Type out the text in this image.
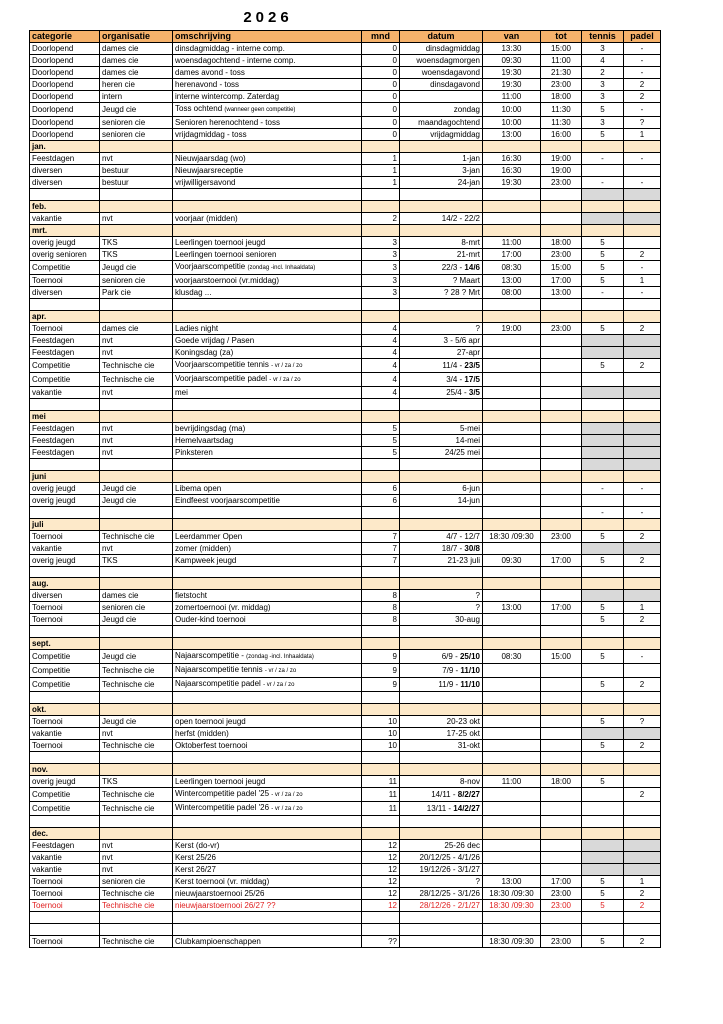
2026
categorie	organisatie	omschrijving	mnd	datum	van	tot	tennis	padel
Doorlopend	dames cie	dinsdagmiddag - interne comp.	0	dinsdagmiddag	13:30	15:00	3	-
Doorlopend	dames cie	woensdagochtend - interne comp.	0	woensdagmorgen	09:30	11:00	4	-
Doorlopend	dames cie	dames avond - toss	0	woensdagavond	19:30	21:30	2	-
Doorlopend	heren cie	herenavond - toss	0	dinsdagavond	19:30	23:00	3	2
Doorlopend	intern	interne wintercomp. Zaterdag	0		11:00	18:00	3	2
Doorlopend	Jeugd cie	Toss ochtend (wanneer geen competitie)	0	zondag	10:00	11:30	5	-
Doorlopend	senioren cie	Senioren herenochtend - toss	0	maandagochtend	10:00	11:30	3	?
Doorlopend	senioren cie	vrijdagmiddag - toss	0	vrijdagmiddag	13:00	16:00	5	1
jan.								
Feestdagen	nvt	Nieuwjaarsdag (wo)	1	1-jan	16:30	19:00	-	-
diversen	bestuur	Nieuwjaarsreceptie	1	3-jan	16:30	19:00		
diversen	bestuur	vrijwilligersavond	1	24-jan	19:30	23:00	-	-

feb.								
vakantie	nvt	voorjaar (midden)	2	14/2 - 22/2				
mrt.								
overig jeugd	TKS	Leerlingen toernooi jeugd	3	8-mrt	11:00	18:00	5	
overig senioren	TKS	Leerlingen toernooi senioren	3	21-mrt	17:00	23:00	5	2
Competitie	Jeugd cie	Voorjaarscompetitie (zondag -incl. Inhaaldata)	3	22/3 - 14/6	08:30	15:00	5	-
Toernooi	senioren cie	voorjaarstoernooi (vr.middag)	3	? Maart	13:00	17:00	5	1
diversen	Park cie	klusdag ...	3	? 28 ? Mrt	08:00	13:00	-	-

apr.								
Toernooi	dames cie	Ladies night	4	?	19:00	23:00	5	2
Feestdagen	nvt	Goede vrijdag / Pasen	4	3 - 5/6 apr				
Feestdagen	nvt	Koningsdag (za)	4	27-apr				
Competitie	Technische cie	Voorjaarscompetitie tennis - vr / za / zo	4	11/4 - 23/5			5	2
Competitie	Technische cie	Voorjaarscompetitie padel - vr / za / zo	4	3/4 - 17/5				
vakantie	nvt	mei	4	25/4 - 3/5				

mei								
Feestdagen	nvt	bevrijdingsdag (ma)	5	5-mei				
Feestdagen	nvt	Hemelvaartsdag	5	14-mei				
Feestdagen	nvt	Pinksteren	5	24/25 mei				

juni								
overig jeugd	Jeugd cie	Libema open	6	6-jun			-	-
overig jeugd	Jeugd cie	Eindfeest voorjaarscompetitie	6	14-jun				
							-	-
juli								
Toernooi	Technische cie	Leerdammer Open	7	4/7 - 12/7	18:30 /09:30	23:00	5	2
vakantie	nvt	zomer (midden)	7	18/7 - 30/8				
overig jeugd	TKS	Kampweek jeugd	7	21-23 juli	09:30	17:00	5	2

aug.								
diversen	dames cie	fietstocht	8	?				
Toernooi	senioren cie	zomertoernooi (vr. middag)	8	?	13:00	17:00	5	1
Toernooi	Jeugd cie	Ouder-kind toernooi	8	30-aug			5	2

sept.								
Competitie	Jeugd cie	Najaarscompetitie - (zondag -incl. Inhaaldata)	9	6/9 - 25/10	08:30	15:00	5	-
Competitie	Technische cie	Najaarscompetitie tennis - vr / za / zo	9	7/9 - 11/10				
Competitie	Technische cie	Najaarscompetitie padel - vr / za / zo	9	11/9 - 11/10			5	2

okt.								
Toernooi	Jeugd cie	open toernooi jeugd	10	20-23 okt			5	?
vakantie	nvt	herfst (midden)	10	17-25 okt				
Toernooi	Technische cie	Oktoberfest toernooi	10	31-okt			5	2

nov.								
overig jeugd	TKS	Leerlingen toernooi jeugd	11	8-nov	11:00	18:00	5	
Competitie	Technische cie	Wintercompetitie padel '25 - vr / za / zo	11	14/11 - 8/2/27				2
Competitie	Technische cie	Wintercompetitie padel '26 - vr / za / zo	11	13/11 - 14/2/27				

dec.								
Feestdagen	nvt	Kerst (do-vr)	12	25-26 dec				
vakantie	nvt	Kerst 25/26	12	20/12/25 - 4/1/26				
vakantie	nvt	Kerst 26/27	12	19/12/26 - 3/1/27				
Toernooi	senioren cie	Kerst toernooi (vr. middag)	12	?	13:00	17:00	5	1
Toernooi	Technische cie	nieuwjaarstoernooi 25/26	12	28/12/25 - 3/1/26	18:30 /09:30	23:00	5	2
Toernooi	Technische cie	nieuwjaarstoernooi 26/27 ??	12	28/12/26 - 2/1/27	18:30 /09:30	23:00	5	2

Toernooi	Technische cie	Clubkampioenschappen	??		18:30 /09:30	23:00	5	2
